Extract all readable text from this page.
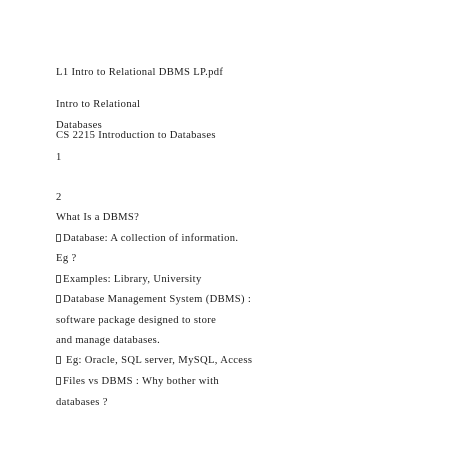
L1 Intro to Relational DBMS LP.pdf
Intro to Relational
Databases
CS 2215 Introduction to Databases
1
2
What Is a DBMS?
Database: A collection of information.
Eg ?
Examples: Library, University
Database Management System (DBMS) :
software package designed to store
and manage databases.
Eg: Oracle, SQL server, MySQL, Access
Files vs DBMS : Why bother with
databases ?
